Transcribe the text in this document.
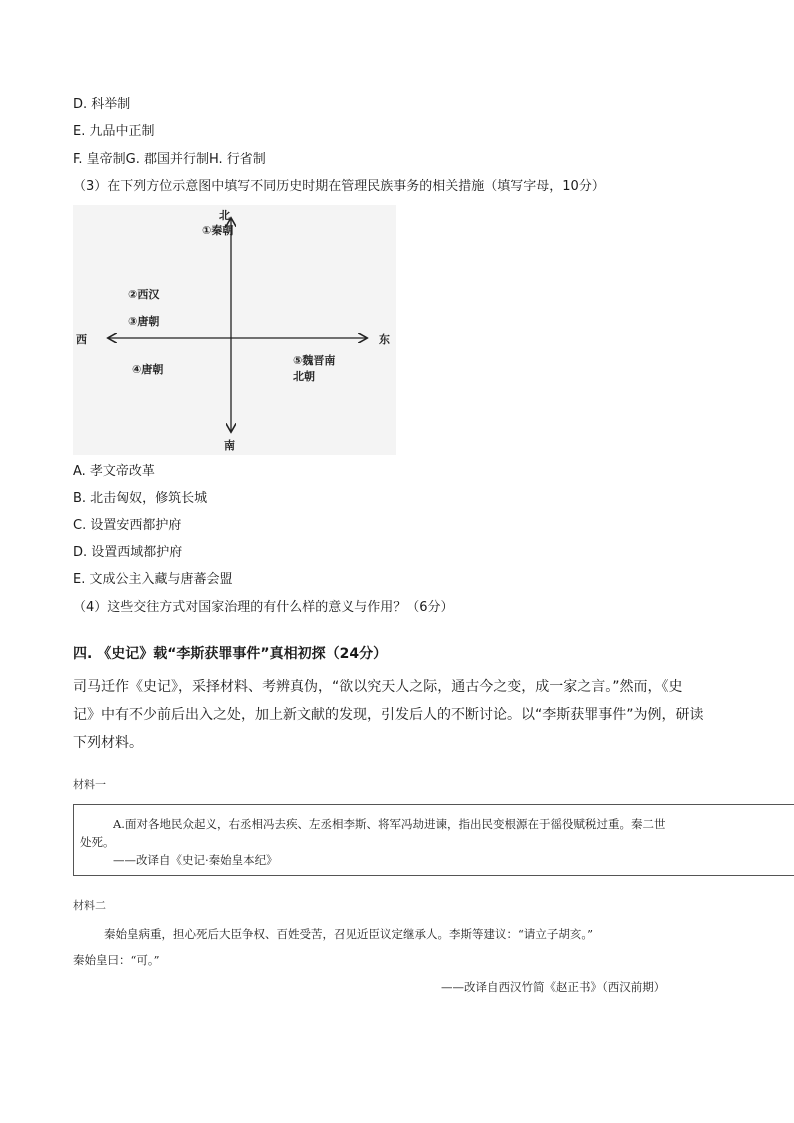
D. 科举制
E. 九品中正制
F. 皇帝制G. 郡国并行制H. 行省制
（3）在下列方位示意图中填写不同历史时期在管理民族事务的相关措施（填写字母，10分）
北
南
西	东
①秦朝
②西汉
③唐朝
④唐朝
⑤魏晋南
北朝
A. 孝文帝改革
B. 北击匈奴，修筑长城
C. 设置安西都护府
D. 设置西域都护府
E. 文成公主入藏与唐蕃会盟
（4）这些交往方式对国家治理的有什么样的意义与作用？（6分）
四. 《史记》载“李斯获罪事件”真相初探（24分）

司马迁作《史记》，采择材料、考辨真伪，“欲以究天人之际，通古今之变，成一家之言。”然而，《史

记》中有不少前后出入之处，加上新文献的发现，引发后人的不断讨论。以“李斯获罪事件”为例，研读

下列材料。

材料一
A.面对各地民众起义，右丞相冯去疾、左丞相李斯、将军冯劫进谏，指出民变根源在于徭役赋税过重。秦二世
处死。
——改译自《史记·秦始皇本纪》
材料二
秦始皇病重，担心死后大臣争权、百姓受苦，召见近臣议定继承人。李斯等建议：“请立子胡亥。”
秦始皇曰：“可。”
——改译自西汉竹简《赵正书》（西汉前期）
